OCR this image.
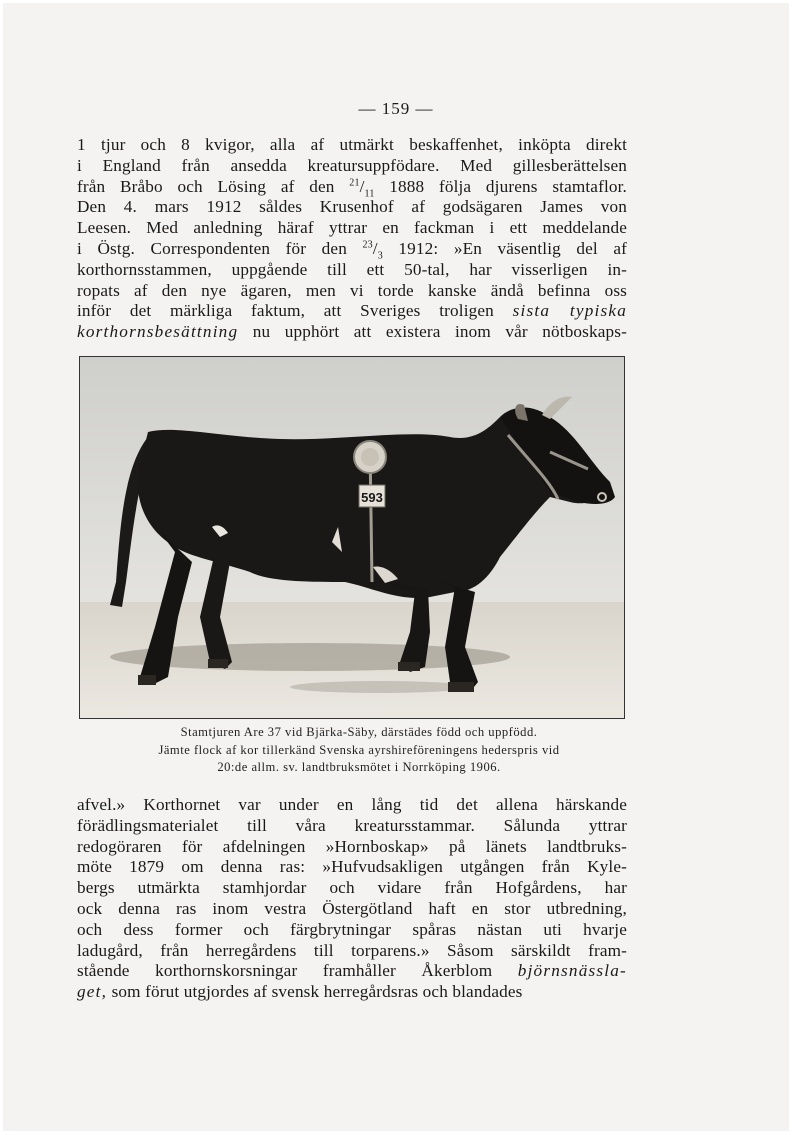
— 159 —
1 tjur och 8 kvigor, alla af utmärkt beskaffenhet, inköpta direkt
i England från ansedda kreatursuppfödare. Med gillesberättelsen
från Bråbo och Lösing af den $^{21}/_{11}$ 1888 följa djurens stamtaflor.
Den 4. mars 1912 såldes Krusenhof af godsägaren James von
Leesen. Med anledning häraf yttrar en fackman i ett meddelande
i Östg. Correspondenten för den $^{23}/_3$ 1912: »En väsentlig del af
korthornsstammen, uppgående till ett 50-tal, har visserligen in-
ropats af den nye ägaren, men vi torde kanske ändå befinna oss
inför det märkliga faktum, att Sveriges troligen sista typiska
korthornsbesättning nu upphört att existera inom vår nötboskaps-
593
Stamtjuren Are 37 vid Bjärka-Säby, därstädes född och uppfödd.
Jämte flock af kor tillerkänd Svenska ayrshireföreningens hederspris vid
20:de allm. sv. landtbruksmötet i Norrköping 1906.
afvel.» Korthornet var under en lång tid det allena härskande
förädlingsmaterialet till våra kreatursstammar. Sålunda yttrar
redogöraren för afdelningen »Hornboskap» på länets landtbruks-
möte 1879 om denna ras: »Hufvudsakligen utgången från Kyle-
bergs utmärkta stamhjordar och vidare från Hofgårdens, har
ock denna ras inom vestra Östergötland haft en stor utbredning,
och dess former och färgbrytningar spåras nästan uti hvarje
ladugård, från herregårdens till torparens.» Såsom särskildt fram-
stående korthornskorsningar framhåller Åkerblom björnsnässla-
get, som förut utgjordes af svensk herregårdsras och blandades
